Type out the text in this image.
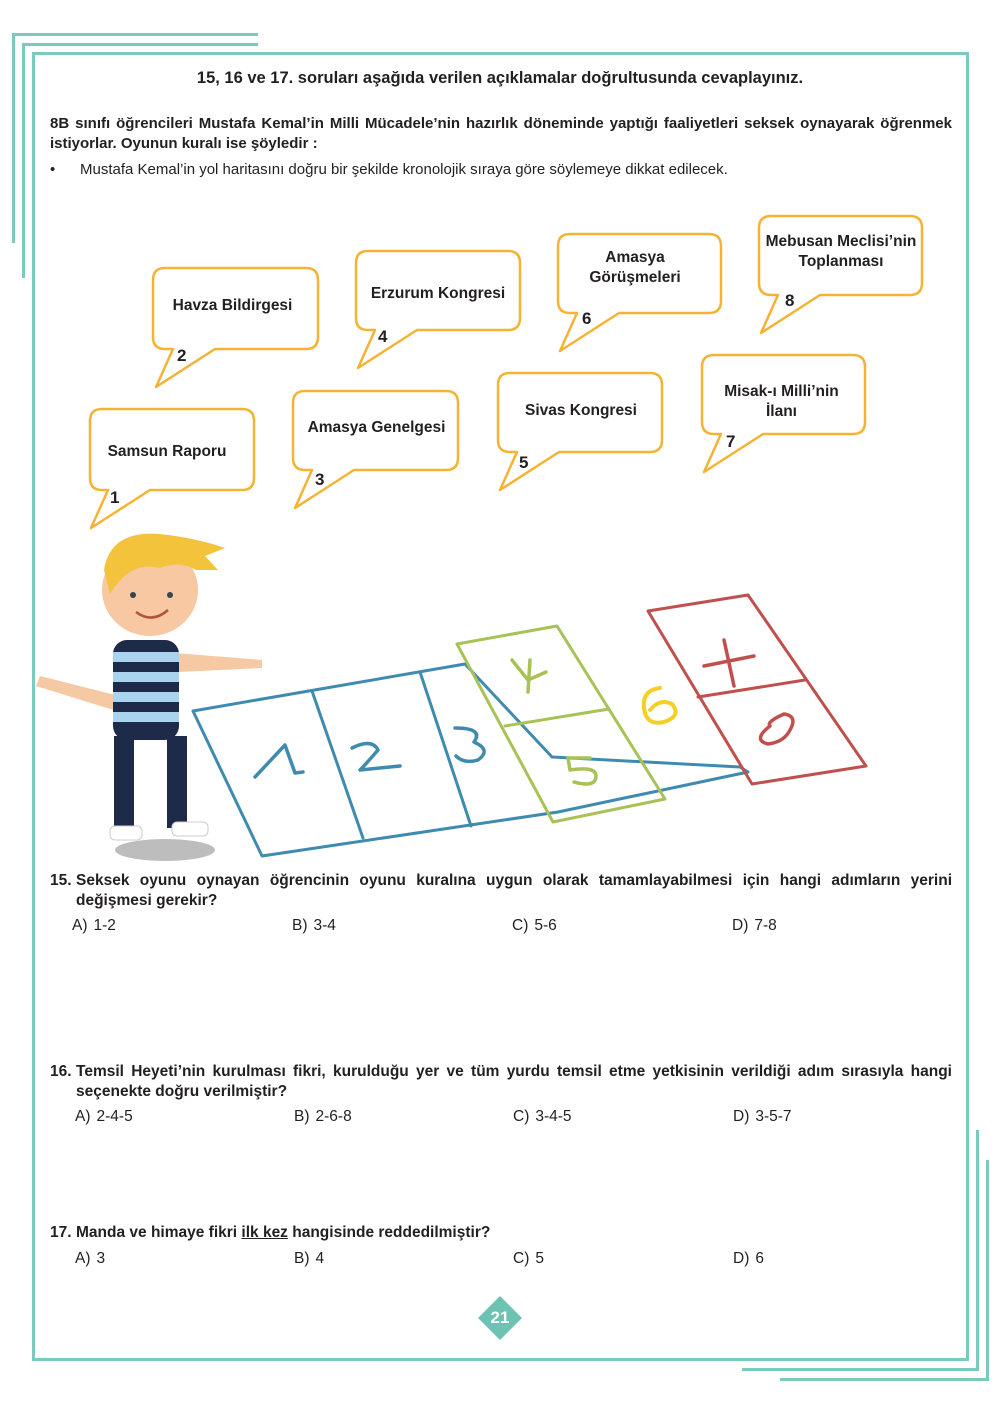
15, 16 ve 17. soruları aşağıda verilen açıklamalar doğrultusunda cevaplayınız.
8B sınıfı öğrencileri Mustafa Kemal’in Milli Mücadele’nin hazırlık döneminde yaptığı faaliyetleri seksek oynayarak öğrenmek istiyorlar. Oyunun kuralı ise şöyledir :
• Mustafa Kemal’in yol haritasını doğru bir şekilde kronolojik sıraya göre söylemeye dikkat edilecek.
Samsun Raporu
1
Havza Bildirgesi
2
Amasya Genelgesi
3
Erzurum Kongresi
4
Sivas Kongresi
5
Amasya
Görüşmeleri
6
Misak-ı Milli’nin
İlanı
7
Mebusan Meclisi’nin
Toplanması
8
15. Seksek oyunu oynayan öğrencinin oyunu kuralına uygun olarak tamamlayabilmesi için hangi adımların yerini değişmesi gerekir?
A) 1-2	B) 3-4	C) 5-6	D) 7-8
16. Temsil Heyeti’nin kurulması fikri, kurulduğu yer ve tüm yurdu temsil etme yetkisinin verildiği adım sırasıyla hangi seçenekte doğru verilmiştir?
A) 2-4-5	B) 2-6-8	C) 3-4-5	D) 3-5-7
17. Manda ve himaye fikri ilk kez hangisinde reddedilmiştir?
A) 3	B) 4	C) 5	D) 6
21
